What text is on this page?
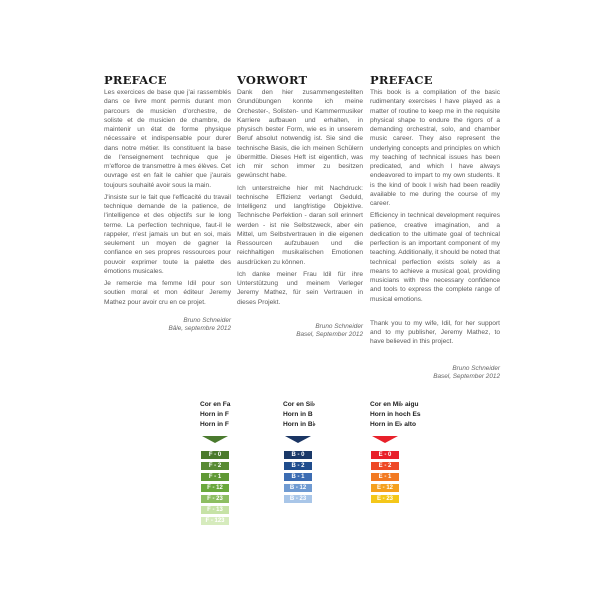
PREFACE

Les exercices de base que j'ai rassemblés dans ce livre mont permis durant mon parcours de musicien d'orchestre, de soliste et de musicien de chambre, de maintenir un état de forme physique nécessaire et indispensable pour durer dans notre métier. Ils constituent la base de l'enseignement technique que je m'efforce de transmettre à mes élèves. Cet ouvrage est en fait le cahier que j'aurais toujours souhaité avoir sous la main.

J'insiste sur le fait que l'efficacité du travail technique demande de la patience, de l'intelligence et des objectifs sur le long terme. La perfection technique, faut-il le rappeler, n'est jamais un but en soi, mais seulement un moyen de gagner la confiance en ses propres ressources pour pouvoir exprimer toute la palette des émotions musicales.

Je remercie ma femme Idil pour son soutien moral et mon éditeur Jeremy Mathez pour avoir cru en ce projet.

Bruno Schneider
Bâle, septembre 2012
VORWORT

Dank den hier zusammengestellten Grundübungen konnte ich meine Orchester-, Solisten- und Kammermusiker Karriere aufbauen und erhalten, in physisch bester Form, wie es in unserem Beruf absolut notwendig ist. Sie sind die technische Basis, die ich meinen Schülern übermittle. Dieses Heft ist eigentlich, was ich mir schon immer zu besitzen gewünscht habe.

Ich unterstreiche hier mit Nachdruck: technische Effizienz verlangt Geduld, Intelligenz und langfristige Objektive. Technische Perfektion - daran soll erinnert werden - ist nie Selbstzweck, aber ein Mittel, um Selbstvertrauen in die eigenen Ressourcen aufzubauen und die reichhaltigen musikalischen Emotionen ausdrücken zu können.

Ich danke meiner Frau Idil für ihre Unterstützung und meinem Verleger Jeremy Mathez, für sein Vertrauen in dieses Projekt.

Bruno Schneider
Basel, September 2012
PREFACE

This book is a compilation of the basic rudimentary exercises I have played as a matter of routine to keep me in the requisite physical shape to endure the rigors of a demanding orchestral, solo, and chamber music career. They also represent the underlying concepts and principles on which my teaching of technical issues has been predicated, and which I have always endeavored to impart to my own students. It is the kind of book I wish had been readily available to me during the course of my career.

Efficiency in technical development requires patience, creative imagination, and a dedication to the ultimate goal of technical perfection is an important component of my teaching. Additionally, it should be noted that technical perfection exists solely as a means to achieve a musical goal, providing musicians with the necessary confidence and tools to express the complete range of musical emotions.

Thank you to my wife, Idil, for her support and to my publisher, Jeremy Mathez, to have believed in this project.

Bruno Schneider
Basel, September 2012
Cor en Fa
Horn in F
Horn in F
F - 0
F - 2
F - 1
F - 12
F - 23
F - 13
F - 123
Cor en Si♭
Horn in B
Horn in B♭
B - 0
B - 2
B - 1
B - 12
B - 23
Cor en Mi♭ aigu
Horn in hoch Es
Horn in E♭ alto
E - 0
E - 2
E - 1
E - 12
E - 23
